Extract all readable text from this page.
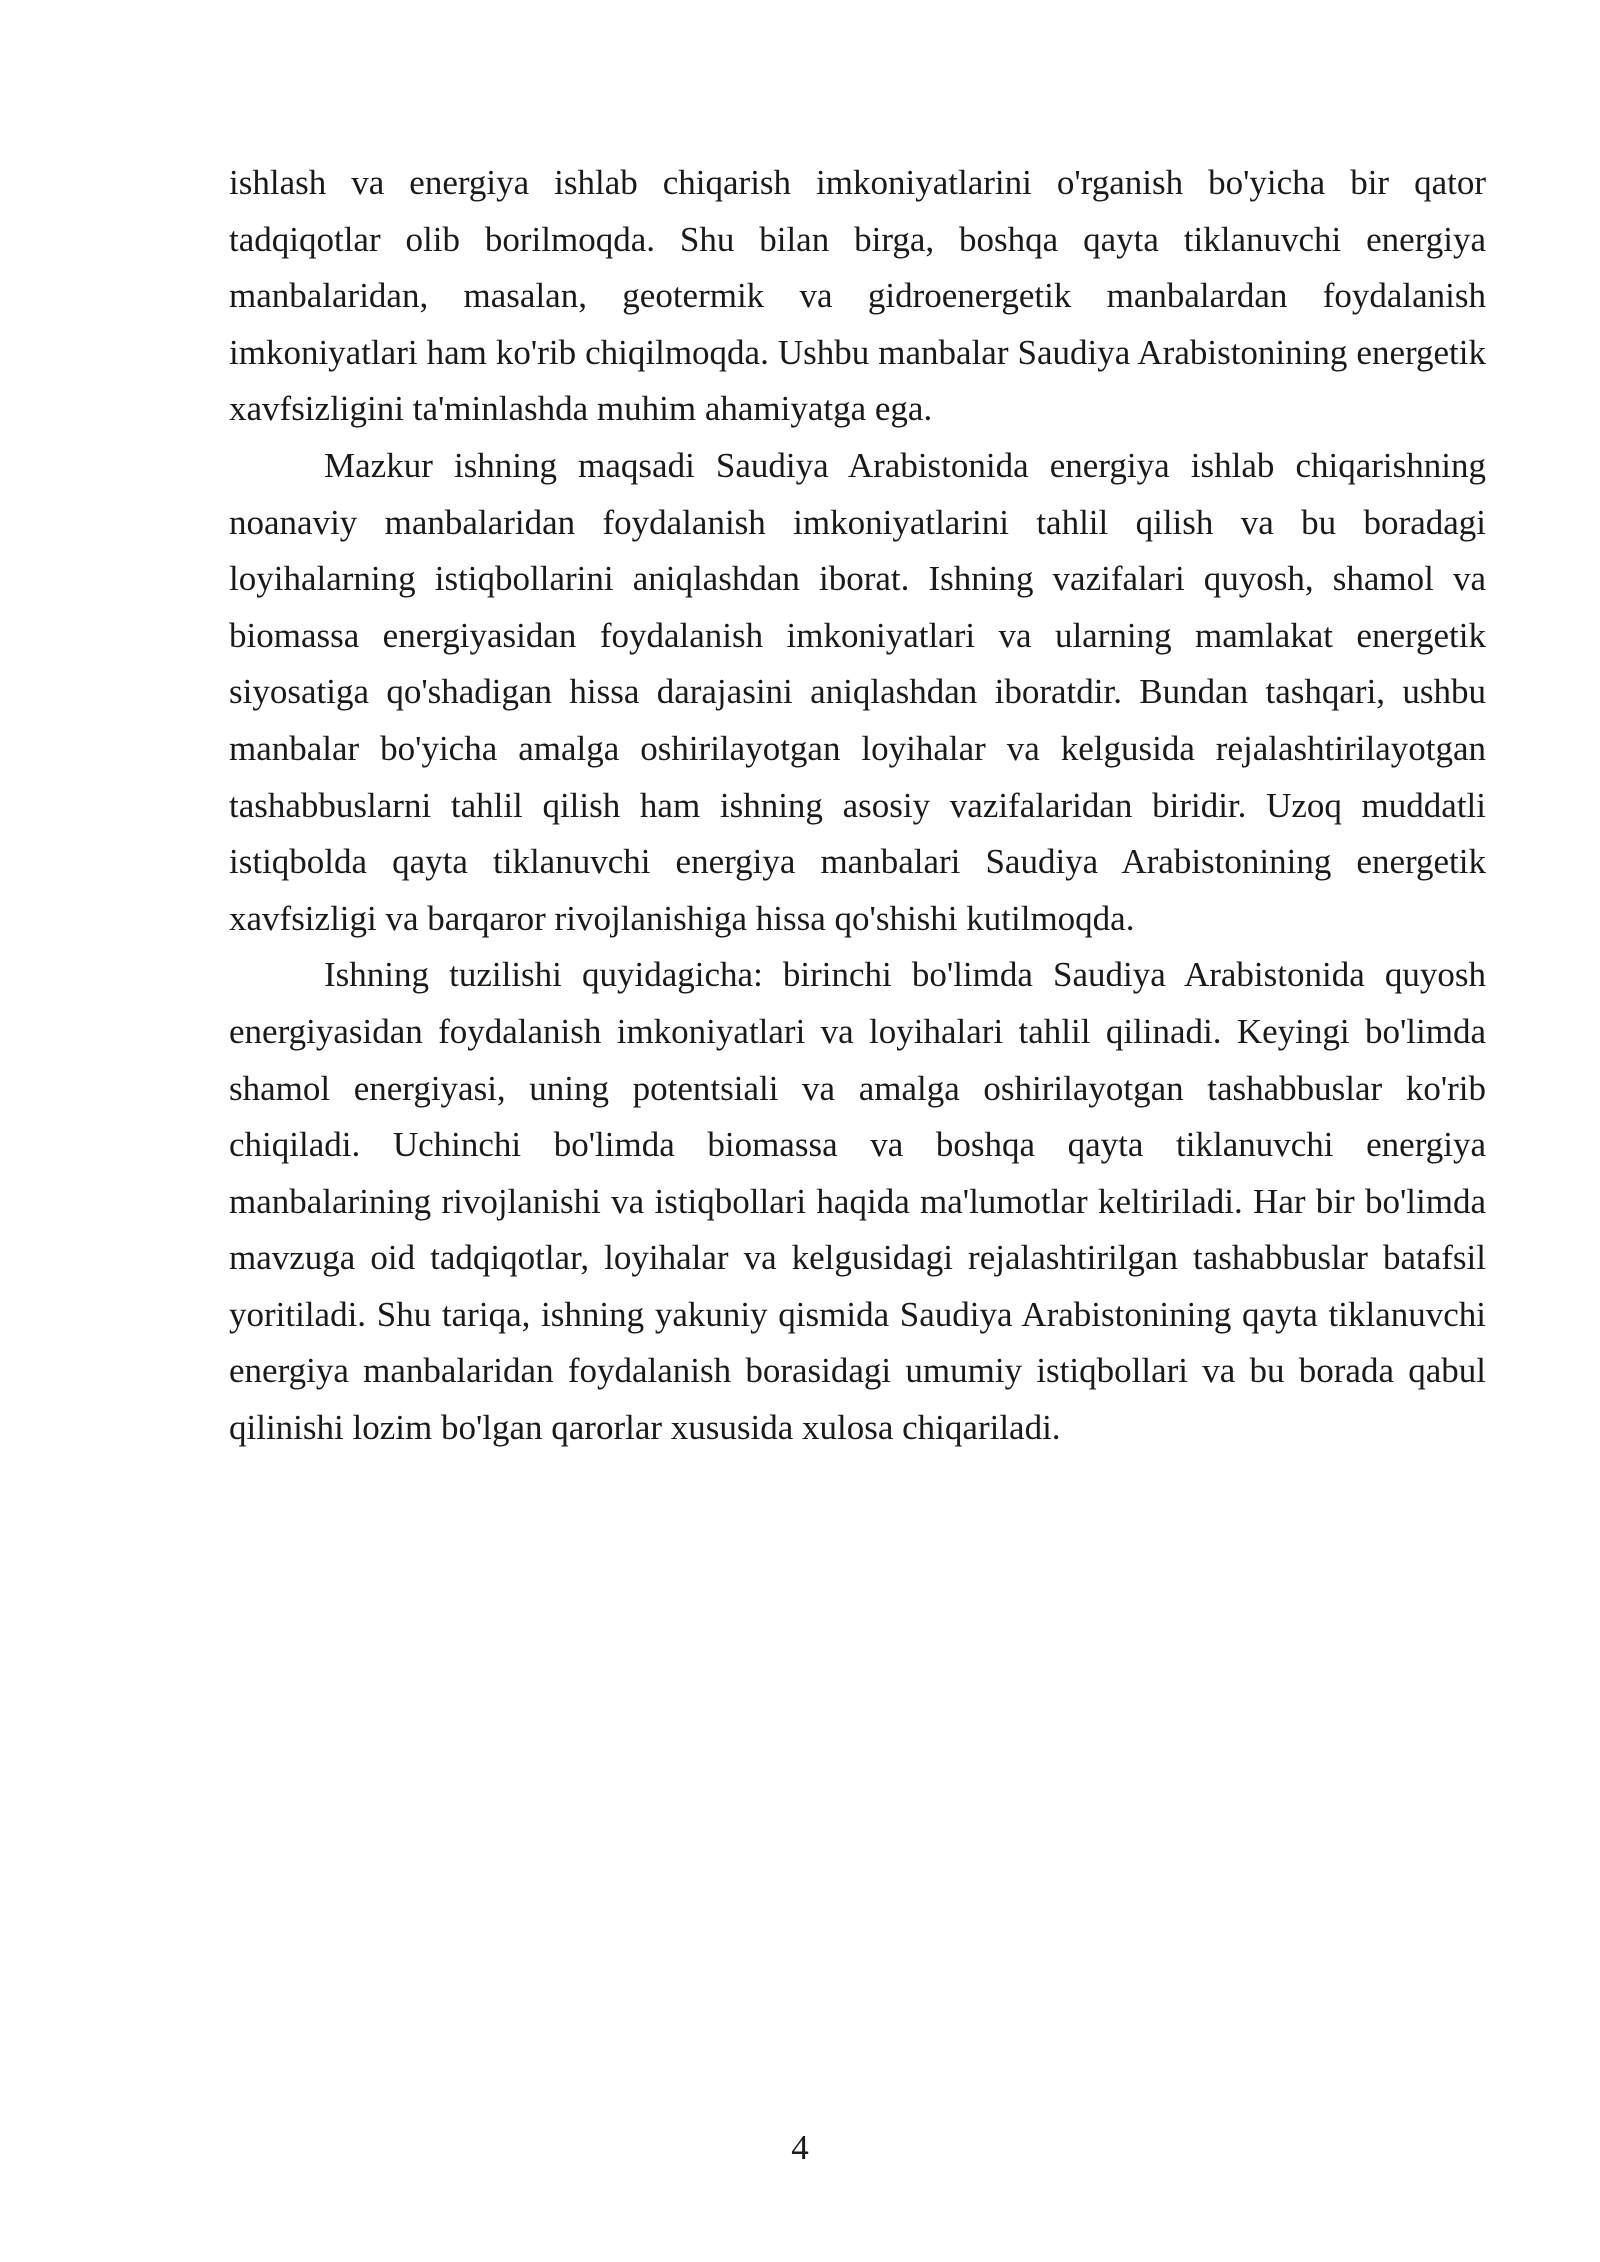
ishlash va energiya ishlab chiqarish imkoniyatlarini o'rganish bo'yicha bir qator tadqiqotlar olib borilmoqda. Shu bilan birga, boshqa qayta tiklanuvchi energiya manbalaridan, masalan, geotermik va gidroenergetik manbalardan foydalanish imkoniyatlari ham ko'rib chiqilmoqda. Ushbu manbalar Saudiya Arabistonining energetik xavfsizligini ta'minlashda muhim ahamiyatga ega.

Mazkur ishning maqsadi Saudiya Arabistonida energiya ishlab chiqarishning noanaviy manbalaridan foydalanish imkoniyatlarini tahlil qilish va bu boradagi loyihalarning istiqbollarini aniqlashdan iborat. Ishning vazifalari quyosh, shamol va biomassa energiyasidan foydalanish imkoniyatlari va ularning mamlakat energetik siyosatiga qo'shadigan hissa darajasini aniqlashdan iboratdir. Bundan tashqari, ushbu manbalar bo'yicha amalga oshirilayotgan loyihalar va kelgusida rejalashtirilayotgan tashabbuslarni tahlil qilish ham ishning asosiy vazifalaridan biridir. Uzoq muddatli istiqbolda qayta tiklanuvchi energiya manbalari Saudiya Arabistonining energetik xavfsizligi va barqaror rivojlanishiga hissa qo'shishi kutilmoqda.

Ishning tuzilishi quyidagicha: birinchi bo'limda Saudiya Arabistonida quyosh energiyasidan foydalanish imkoniyatlari va loyihalari tahlil qilinadi. Keyingi bo'limda shamol energiyasi, uning potentsiali va amalga oshirilayotgan tashabbuslar ko'rib chiqiladi. Uchinchi bo'limda biomassa va boshqa qayta tiklanuvchi energiya manbalarining rivojlanishi va istiqbollari haqida ma'lumotlar keltiriladi. Har bir bo'limda mavzuga oid tadqiqotlar, loyihalar va kelgusidagi rejalashtirilgan tashabbuslar batafsil yoritiladi. Shu tariqa, ishning yakuniy qismida Saudiya Arabistonining qayta tiklanuvchi energiya manbalaridan foydalanish borasidagi umumiy istiqbollari va bu borada qabul qilinishi lozim bo'lgan qarorlar xususida xulosa chiqariladi.

4
